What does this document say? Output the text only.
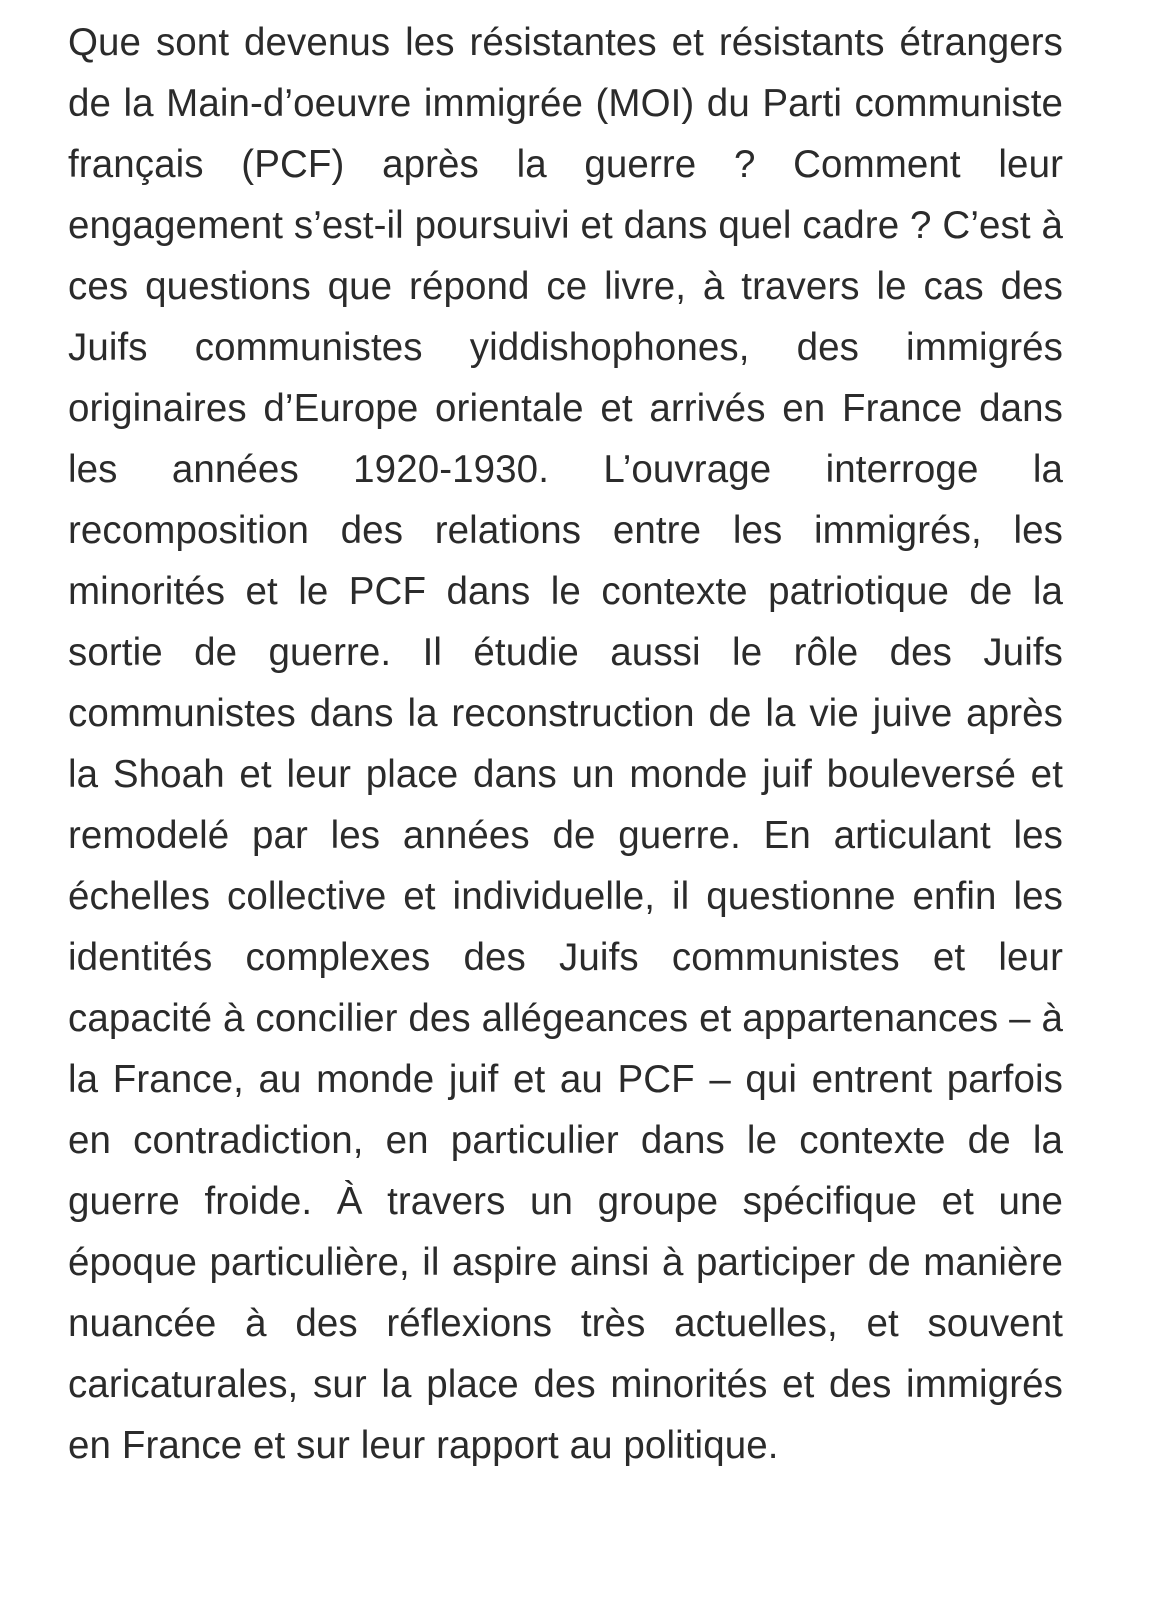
Que sont devenus les résistantes et résistants étrangers de la Main-d’oeuvre immigrée (MOI) du Parti communiste français (PCF) après la guerre ? Comment leur engagement s’est-il poursuivi et dans quel cadre ? C’est à ces questions que répond ce livre, à travers le cas des Juifs communistes yiddishophones, des immigrés originaires d’Europe orientale et arrivés en France dans les années 1920-1930. L’ouvrage interroge la recomposition des relations entre les immigrés, les minorités et le PCF dans le contexte patriotique de la sortie de guerre. Il étudie aussi le rôle des Juifs communistes dans la reconstruction de la vie juive après la Shoah et leur place dans un monde juif bouleversé et remodelé par les années de guerre. En articulant les échelles collective et individuelle, il questionne enfin les identités complexes des Juifs communistes et leur capacité à concilier des allégeances et appartenances – à la France, au monde juif et au PCF – qui entrent parfois en contradiction, en particulier dans le contexte de la guerre froide. À travers un groupe spécifique et une époque particulière, il aspire ainsi à participer de manière nuancée à des réflexions très actuelles, et souvent caricaturales, sur la place des minorités et des immigrés en France et sur leur rapport au politique.
